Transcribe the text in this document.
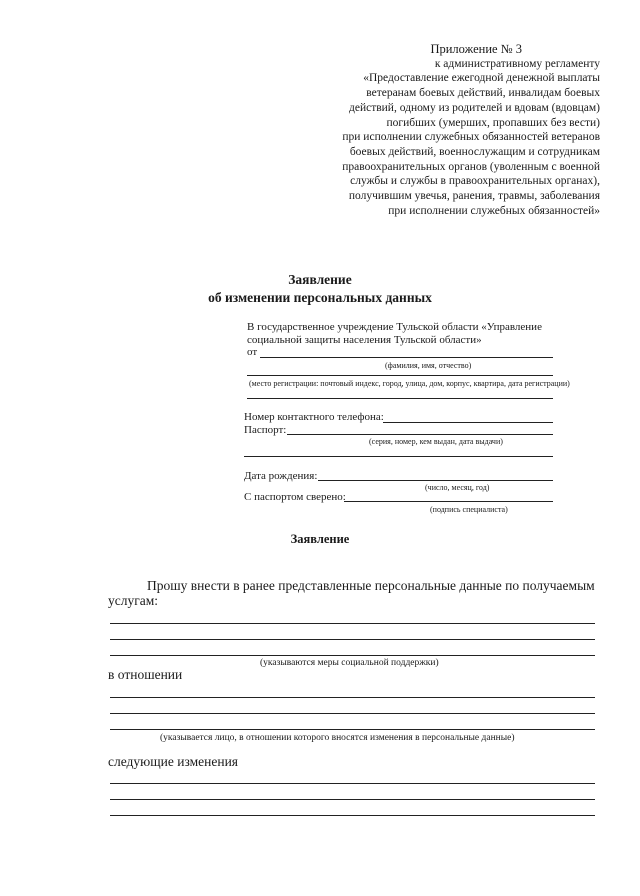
Приложение № 3
к административному регламенту
«Предоставление ежегодной денежной выплаты
ветеранам боевых действий, инвалидам боевых
действий, одному из родителей и вдовам (вдовцам)
погибших (умерших, пропавших без вести)
при исполнении служебных обязанностей ветеранов
боевых действий, военнослужащим и сотрудникам
правоохранительных органов (уволенным с военной
службы и службы в правоохранительных органах),
получившим увечья, ранения, травмы, заболевания
при исполнении служебных обязанностей»
Заявление
об изменении персональных данных
В государственное учреждение Тульской области «Управление
социальной защиты населения Тульской области»
от
(фамилия, имя, отчество)
(место регистрации: почтовый индекс, город, улица, дом, корпус, квартира, дата регистрации)
Номер контактного телефона:
Паспорт:
(серия, номер, кем выдан, дата выдачи)
Дата рождения:
(число, месяц, год)
С паспортом сверено:
(подпись специалиста)
Заявление
Прошу внести в ранее представленные персональные данные по получаемым
услугам:
(указываются меры социальной поддержки)
в отношении
(указывается лицо, в отношении которого вносятся изменения в персональные данные)
следующие изменения
